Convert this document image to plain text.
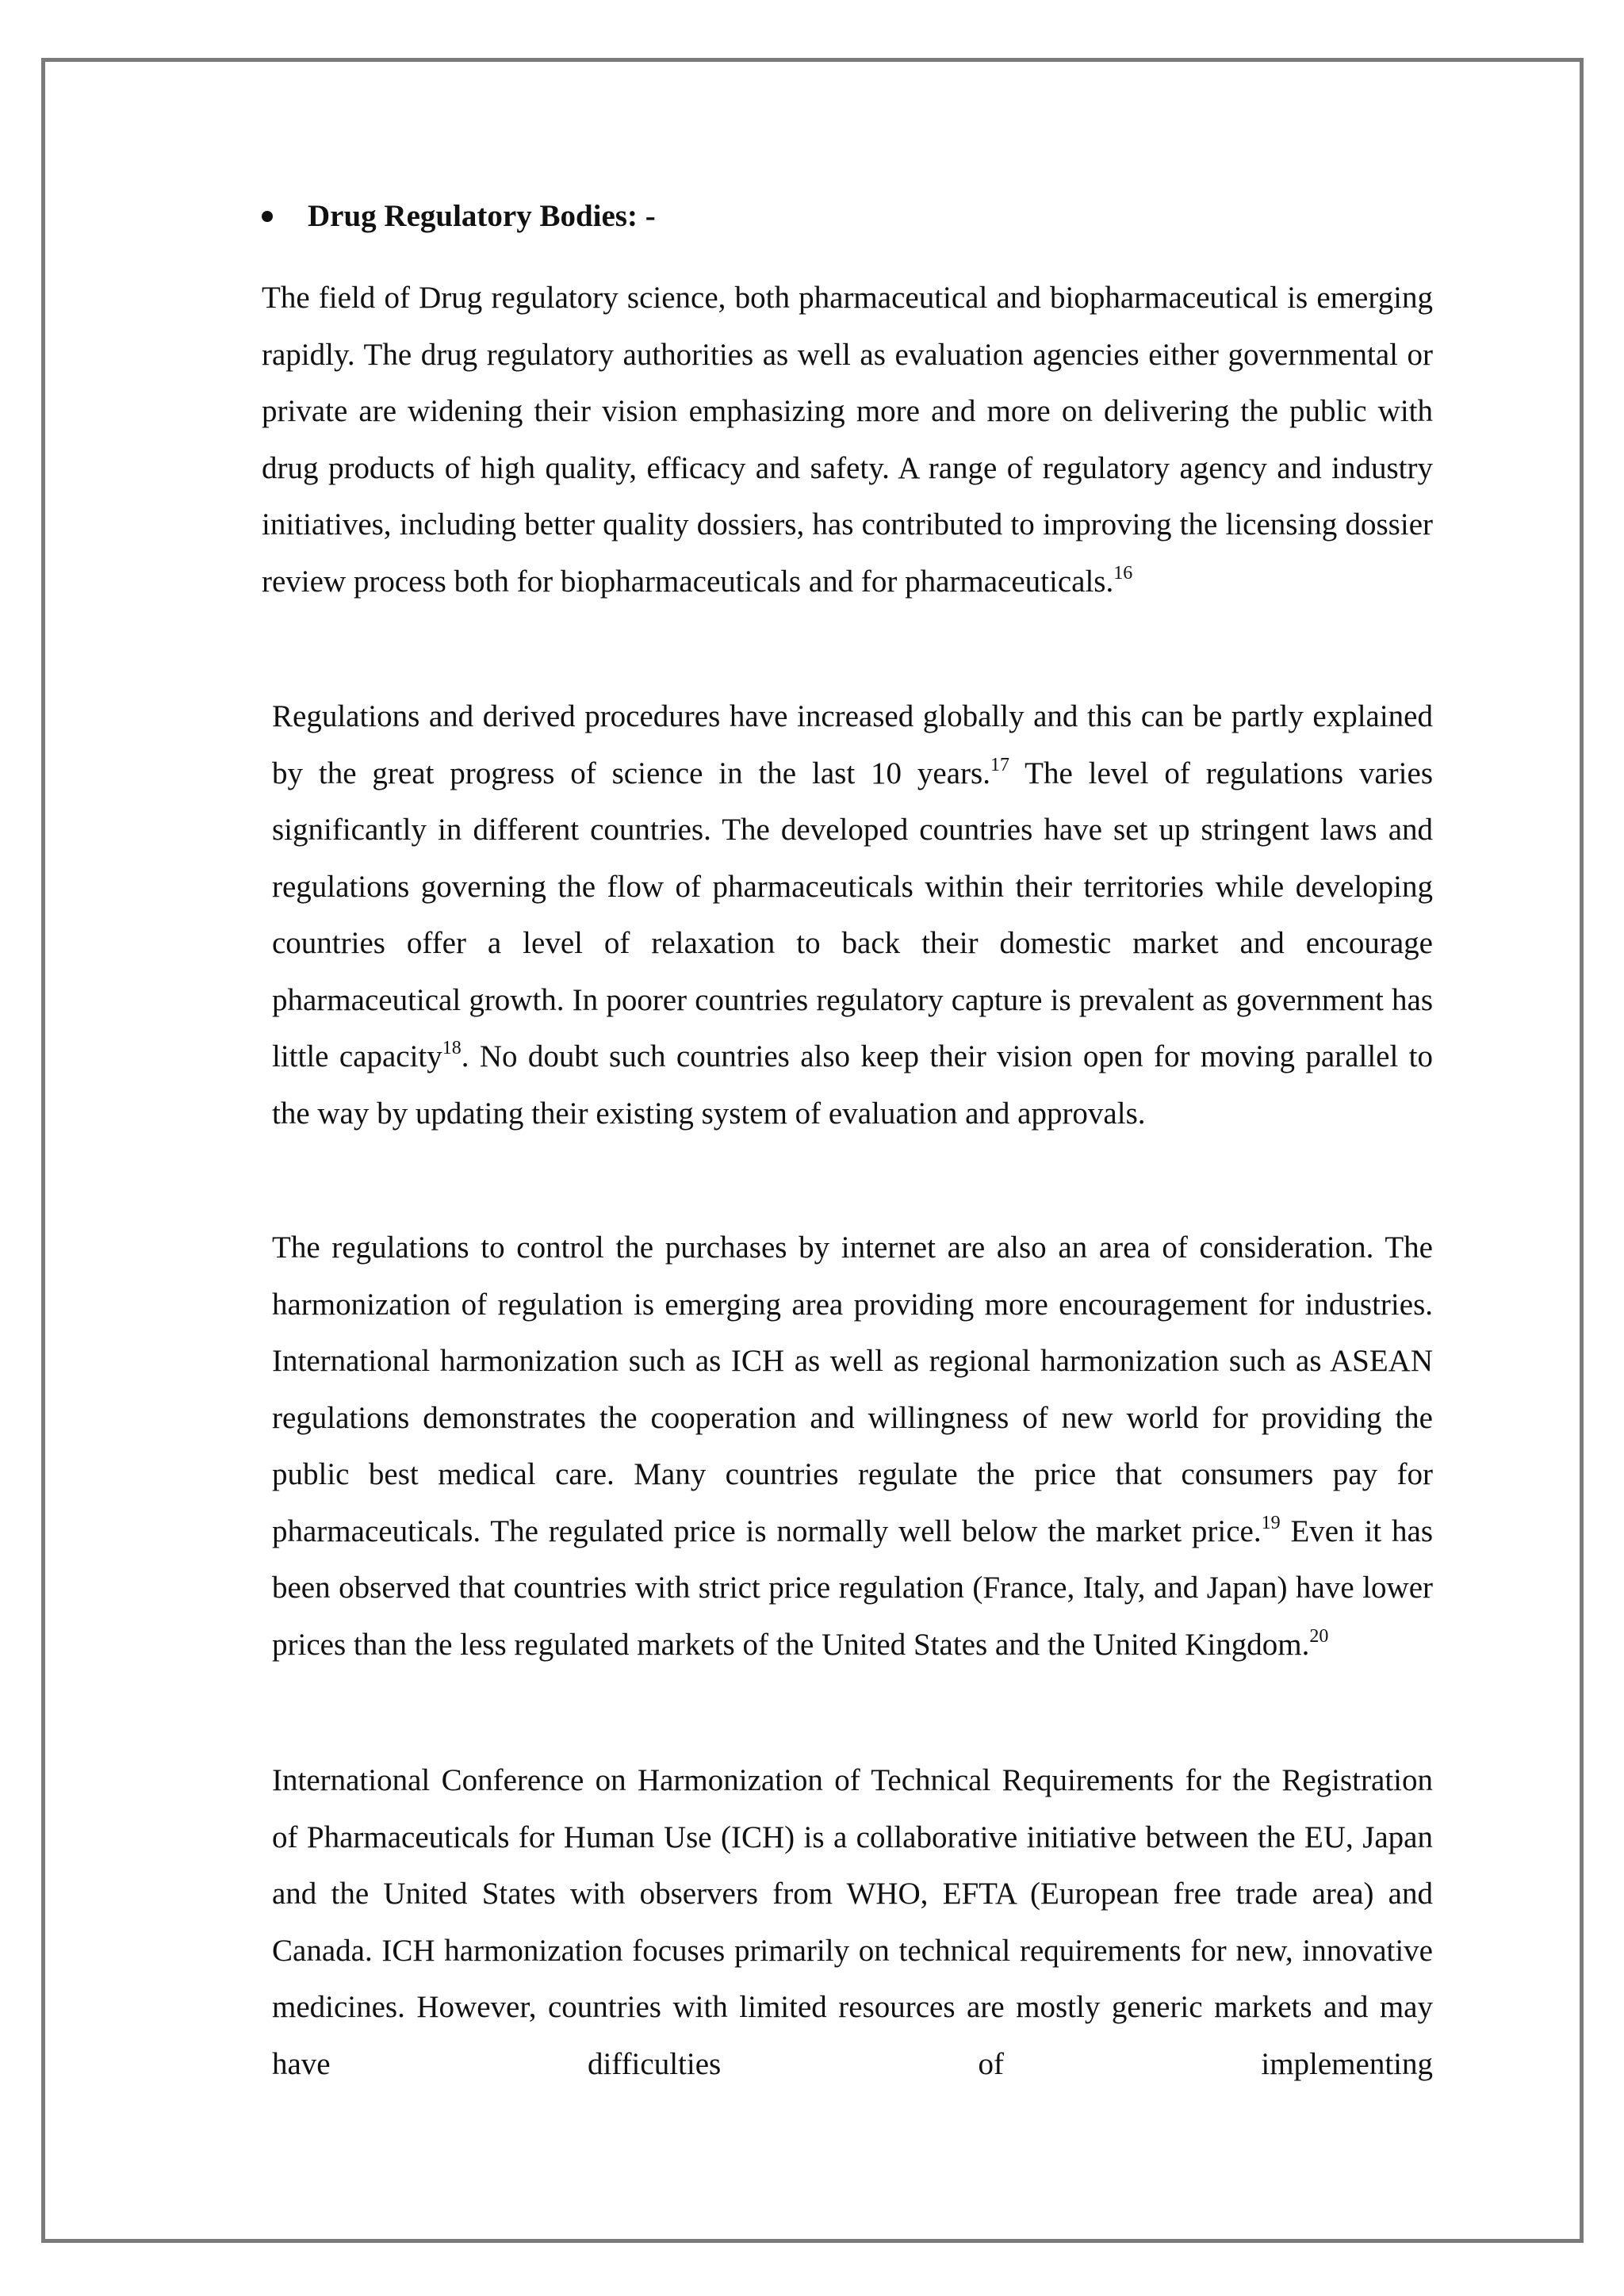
Drug Regulatory Bodies: -

The field of Drug regulatory science, both pharmaceutical and biopharmaceutical is emerging rapidly. The drug regulatory authorities as well as evaluation agencies either governmental or private are widening their vision emphasizing more and more on delivering the public with drug products of high quality, efficacy and safety. A range of regulatory agency and industry initiatives, including better quality dossiers, has contributed to improving the licensing dossier review process both for biopharmaceuticals and for pharmaceuticals.$^{16}$

Regulations and derived procedures have increased globally and this can be partly explained by the great progress of science in the last 10 years.$^{17}$ The level of regulations varies significantly in different countries. The developed countries have set up stringent laws and regulations governing the flow of pharmaceuticals within their territories while developing countries offer a level of relaxation to back their domestic market and encourage pharmaceutical growth. In poorer countries regulatory capture is prevalent as government has little capacity$^{18}$. No doubt such countries also keep their vision open for moving parallel to the way by updating their existing system of evaluation and approvals.

The regulations to control the purchases by internet are also an area of consideration. The harmonization of regulation is emerging area providing more encouragement for industries. International harmonization such as ICH as well as regional harmonization such as ASEAN regulations demonstrates the cooperation and willingness of new world for providing the public best medical care. Many countries regulate the price that consumers pay for pharmaceuticals. The regulated price is normally well below the market price.$^{19}$ Even it has been observed that countries with strict price regulation (France, Italy, and Japan) have lower prices than the less regulated markets of the United States and the United Kingdom.$^{20}$

International Conference on Harmonization of Technical Requirements for the Registration of Pharmaceuticals for Human Use (ICH) is a collaborative initiative between the EU, Japan and the United States with observers from WHO, EFTA (European free trade area) and Canada. ICH harmonization focuses primarily on technical requirements for new, innovative medicines. However, countries with limited resources are mostly generic markets and may have difficulties of implementing
